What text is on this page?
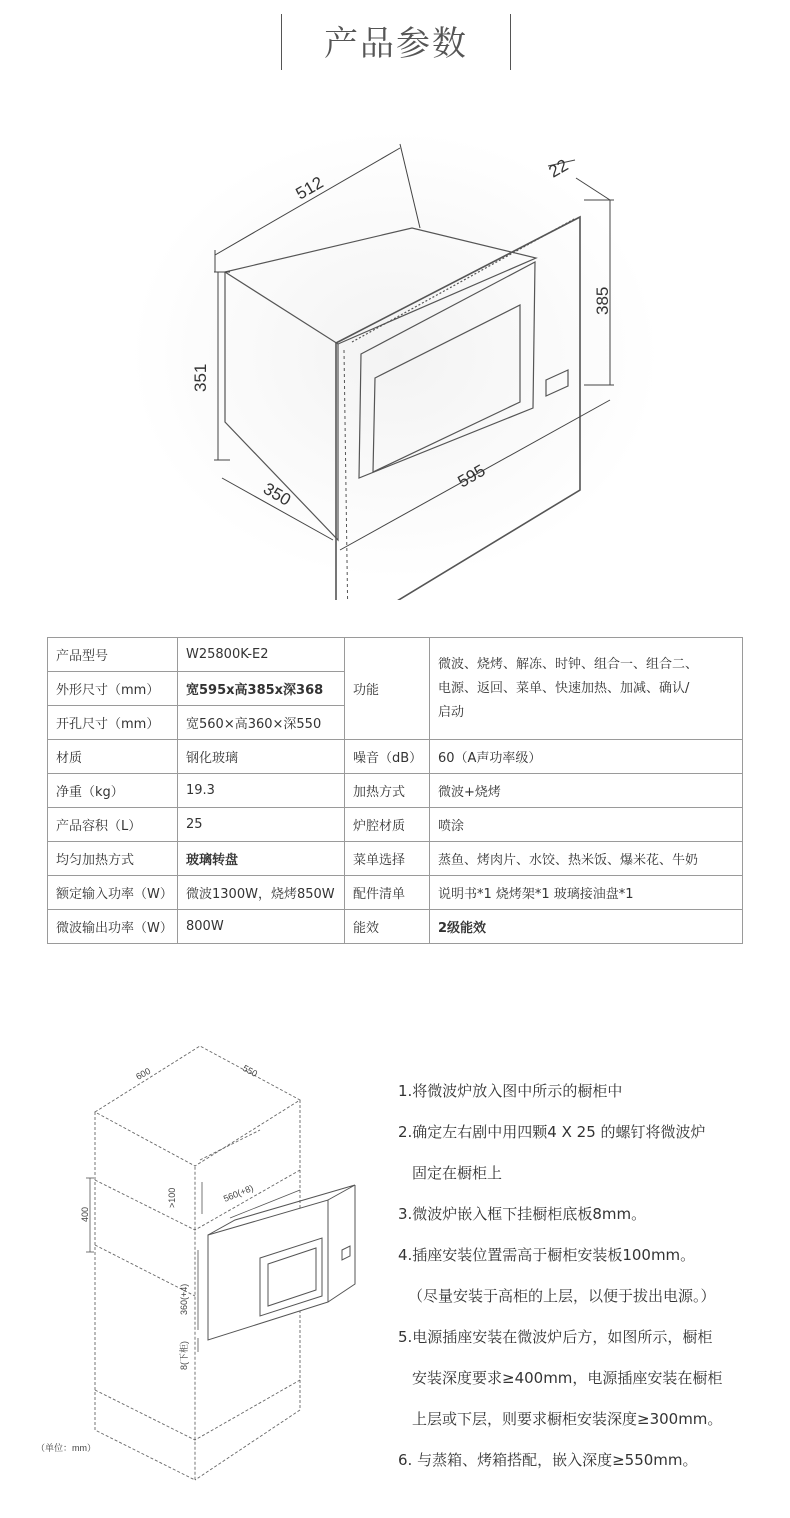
产品参数
512
22
385
351
350
595
产品型号	W25800K-E2	功能	微波、烧烤、解冻、时钟、组合一、组合二、
电源、返回、菜单、快速加热、加减、确认/
启动

外形尺寸（mm）	宽595x高385x深368		
开孔尺寸（mm）	宽560×高360×深550		
材质	钢化玻璃	噪音（dB）	60（A声功率级）
净重（kg）	19.3	加热方式	微波+烧烤
产品容积（L）	25	炉腔材质	喷涂
均匀加热方式	玻璃转盘	菜单选择	蒸鱼、烤肉片、水饺、热米饭、爆米花、牛奶
额定输入功率（W）	微波1300W，烧烤850W	配件清单	说明书*1 烧烤架*1 玻璃接油盘*1
微波输出功率（W）	800W	能效	2级能效
600	550
400
>100	560(+8)
360(+4)
8(下柜)
（单位：mm）
1.将微波炉放入图中所示的橱柜中
2.确定左右剧中用四颗4 X 25 的螺钉将微波炉
固定在橱柜上
3.微波炉嵌入框下挂橱柜底板8mm。
4.插座安装位置需高于橱柜安装板100mm。
（尽量安装于高柜的上层，以便于拔出电源。）
5.电源插座安装在微波炉后方，如图所示，橱柜
安装深度要求≥400mm，电源插座安装在橱柜
上层或下层，则要求橱柜安装深度≥300mm。
6. 与蒸箱、烤箱搭配，嵌入深度≥550mm。
